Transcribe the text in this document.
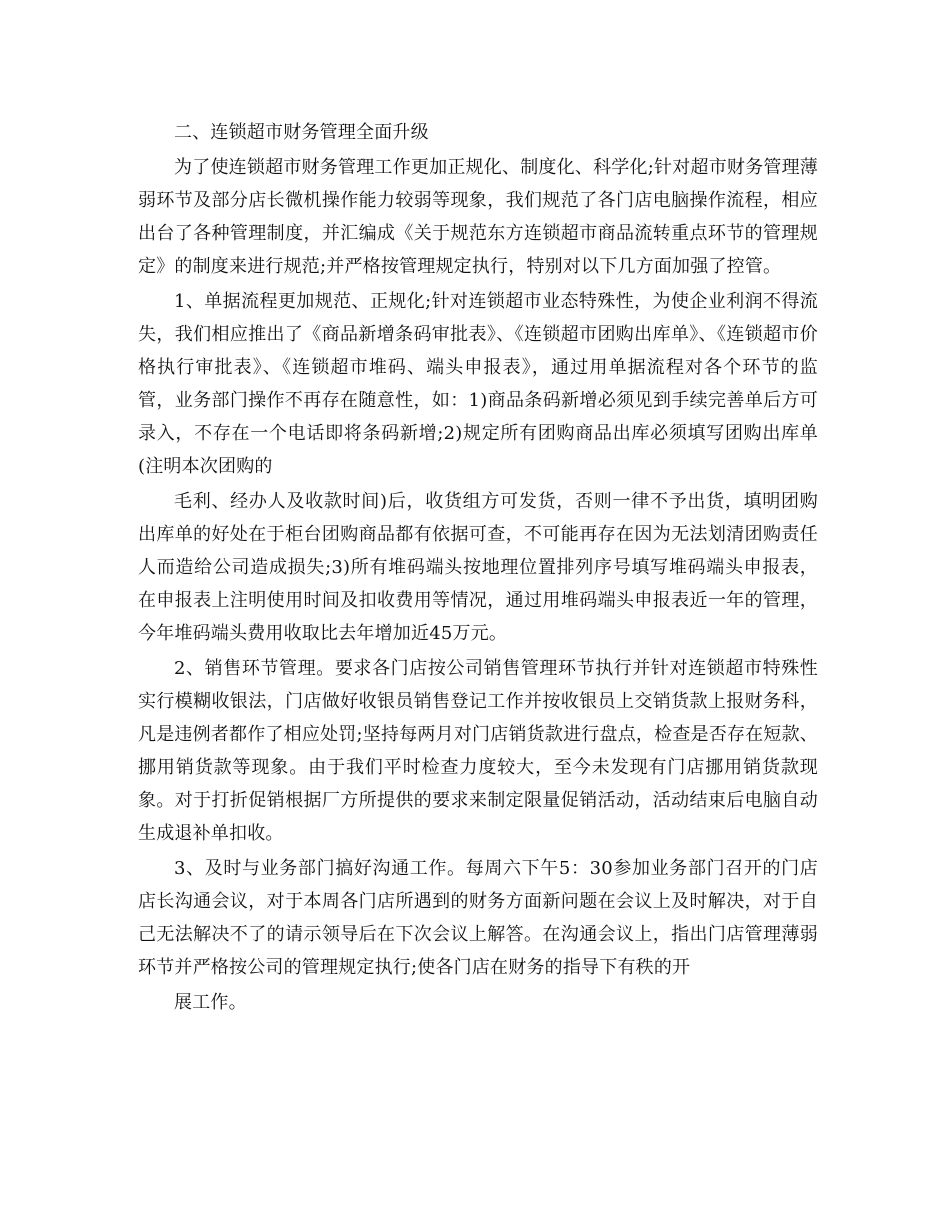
二、连锁超市财务管理全面升级

为了使连锁超市财务管理工作更加正规化、制度化、科学化;针对超市财务管理薄弱环节及部分店长微机操作能力较弱等现象，我们规范了各门店电脑操作流程，相应出台了各种管理制度，并汇编成《关于规范东方连锁超市商品流转重点环节的管理规定》的制度来进行规范;并严格按管理规定执行，特别对以下几方面加强了控管。

1、单据流程更加规范、正规化;针对连锁超市业态特殊性，为使企业利润不得流失，我们相应推出了《商品新增条码审批表》、《连锁超市团购出库单》、《连锁超市价格执行审批表》、《连锁超市堆码、端头申报表》，通过用单据流程对各个环节的监管，业务部门操作不再存在随意性，如：1)商品条码新增必须见到手续完善单后方可录入，不存在一个电话即将条码新增;2)规定所有团购商品出库必须填写团购出库单(注明本次团购的

毛利、经办人及收款时间)后，收货组方可发货，否则一律不予出货，填明团购出库单的好处在于柜台团购商品都有依据可查，不可能再存在因为无法划清团购责任人而造给公司造成损失;3)所有堆码端头按地理位置排列序号填写堆码端头申报表，在申报表上注明使用时间及扣收费用等情况，通过用堆码端头申报表近一年的管理，今年堆码端头费用收取比去年增加近45万元。

2、销售环节管理。要求各门店按公司销售管理环节执行并针对连锁超市特殊性实行模糊收银法，门店做好收银员销售登记工作并按收银员上交销货款上报财务科，凡是违例者都作了相应处罚;坚持每两月对门店销货款进行盘点，检查是否存在短款、挪用销货款等现象。由于我们平时检查力度较大，至今未发现有门店挪用销货款现象。对于打折促销根据厂方所提供的要求来制定限量促销活动，活动结束后电脑自动生成退补单扣收。

3、及时与业务部门搞好沟通工作。每周六下午5：30参加业务部门召开的门店店长沟通会议，对于本周各门店所遇到的财务方面新问题在会议上及时解决，对于自己无法解决不了的请示领导后在下次会议上解答。在沟通会议上，指出门店管理薄弱环节并严格按公司的管理规定执行;使各门店在财务的指导下有秩的开

展工作。
